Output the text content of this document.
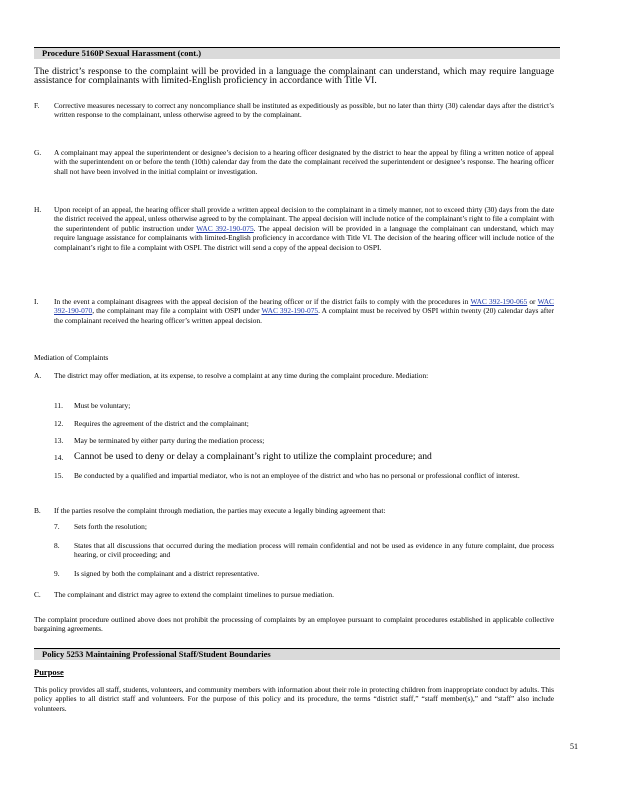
Procedure 5160P Sexual Harassment (cont.)
The district’s response to the complaint will be provided in a language the complainant can understand, which may require language assistance for complainants with limited-English proficiency in accordance with Title VI.
F. Corrective measures necessary to correct any noncompliance shall be instituted as expeditiously as possible, but no later than thirty (30) calendar days after the district’s written response to the complainant, unless otherwise agreed to by the complainant.
G. A complainant may appeal the superintendent or designee’s decision to a hearing officer designated by the district to hear the appeal by filing a written notice of appeal with the superintendent on or before the tenth (10th) calendar day from the date the complainant received the superintendent or designee’s response. The hearing officer shall not have been involved in the initial complaint or investigation.
H. Upon receipt of an appeal, the hearing officer shall provide a written appeal decision to the complainant in a timely manner, not to exceed thirty (30) days from the date the district received the appeal, unless otherwise agreed to by the complainant. The appeal decision will include notice of the complainant’s right to file a complaint with the superintendent of public instruction under WAC 392-190-075. The appeal decision will be provided in a language the complainant can understand, which may require language assistance for complainants with limited-English proficiency in accordance with Title VI. The decision of the hearing officer will include notice of the complainant’s right to file a complaint with OSPI. The district will send a copy of the appeal decision to OSPI.
I. In the event a complainant disagrees with the appeal decision of the hearing officer or if the district fails to comply with the procedures in WAC 392-190-065 or WAC 392-190-070, the complainant may file a complaint with OSPI under WAC 392-190-075. A complaint must be received by OSPI within twenty (20) calendar days after the complainant received the hearing officer’s written appeal decision.
Mediation of Complaints
A. The district may offer mediation, at its expense, to resolve a complaint at any time during the complaint procedure. Mediation:
11. Must be voluntary;
12. Requires the agreement of the district and the complainant;
13. May be terminated by either party during the mediation process;
14. Cannot be used to deny or delay a complainant’s right to utilize the complaint procedure; and
15. Be conducted by a qualified and impartial mediator, who is not an employee of the district and who has no personal or professional conflict of interest.
B. If the parties resolve the complaint through mediation, the parties may execute a legally binding agreement that:
7. Sets forth the resolution;
8. States that all discussions that occurred during the mediation process will remain confidential and not be used as evidence in any future complaint, due process hearing, or civil proceeding; and
9. Is signed by both the complainant and a district representative.
C. The complainant and district may agree to extend the complaint timelines to pursue mediation.
The complaint procedure outlined above does not prohibit the processing of complaints by an employee pursuant to complaint procedures established in applicable collective bargaining agreements.
Policy 5253 Maintaining Professional Staff/Student Boundaries
Purpose
This policy provides all staff, students, volunteers, and community members with information about their role in protecting children from inappropriate conduct by adults. This policy applies to all district staff and volunteers. For the purpose of this policy and its procedure, the terms “district staff,” “staff member(s),” and “staff” also include volunteers.
51
